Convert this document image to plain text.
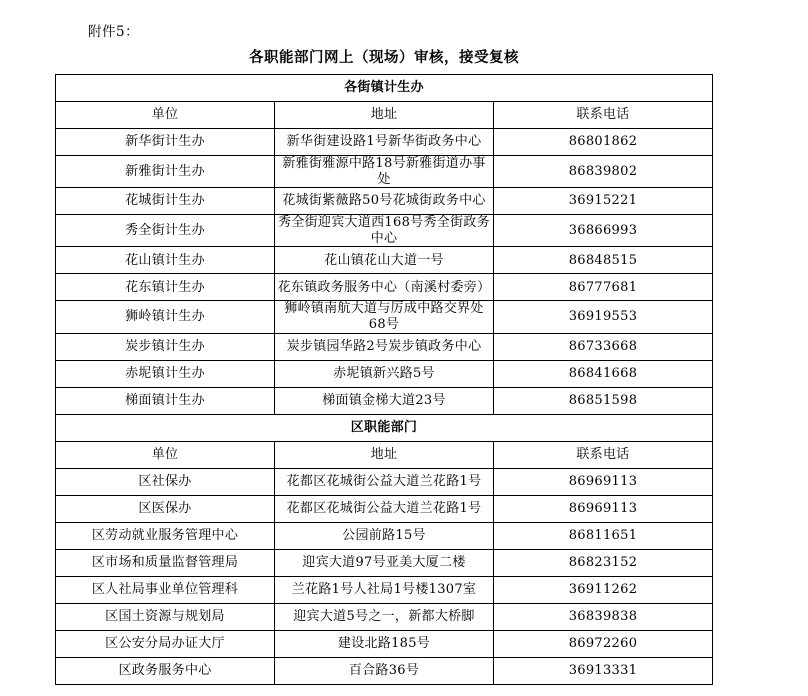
附件5：
各职能部门网上（现场）审核，接受复核
各街镇计生办		
单位	地址	联系电话
新华街计生办	新华街建设路1号新华街政务中心	86801862
新雅街计生办	新雅街雅源中路18号新雅街道办事处	86839802
花城街计生办	花城街紫薇路50号花城街政务中心	36915221
秀全街计生办	秀全街迎宾大道西168号秀全街政务中心	36866993
花山镇计生办	花山镇花山大道一号	86848515
花东镇计生办	花东镇政务服务中心（南溪村委旁）	86777681
狮岭镇计生办	狮岭镇南航大道与厉成中路交界处68号	36919553
炭步镇计生办	炭步镇园华路2号炭步镇政务中心	86733668
赤坭镇计生办	赤坭镇新兴路5号	86841668
梯面镇计生办	梯面镇金梯大道23号	86851598
区职能部门		
单位	地址	联系电话
区社保办	花都区花城街公益大道兰花路1号	86969113
区医保办	花都区花城街公益大道兰花路1号	86969113
区劳动就业服务管理中心	公园前路15号	86811651
区市场和质量监督管理局	迎宾大道97号亚美大厦二楼	86823152
区人社局事业单位管理科	兰花路1号人社局1号楼1307室	36911262
区国土资源与规划局	迎宾大道5号之一，新都大桥脚	36839838
区公安分局办证大厅	建设北路185号	86972260
区政务服务中心	百合路36号	36913331
